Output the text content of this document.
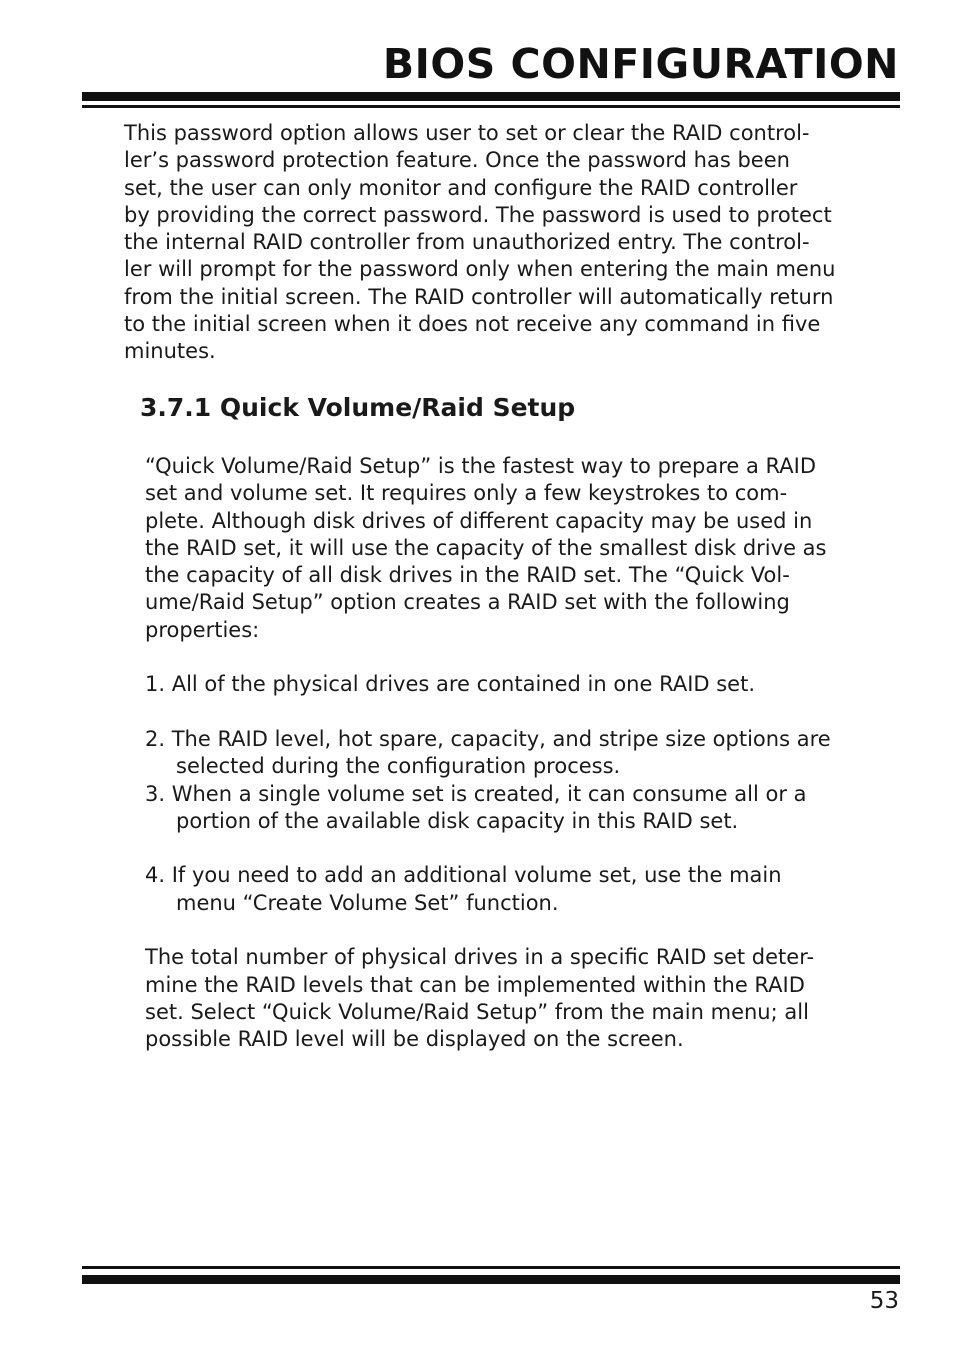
BIOS CONFIGURATION

This password option allows user to set or clear the RAID control-
ler’s password protection feature. Once the password has been
set, the user can only monitor and configure the RAID controller
by providing the correct password. The password is used to protect
the internal RAID controller from unauthorized entry. The control-
ler will prompt for the password only when entering the main menu
from the initial screen. The RAID controller will automatically return
to the initial screen when it does not receive any command in five
minutes.

3.7.1 Quick Volume/Raid Setup

“Quick Volume/Raid Setup” is the fastest way to prepare a RAID
set and volume set. It requires only a few keystrokes to com-
plete. Although disk drives of different capacity may be used in
the RAID set, it will use the capacity of the smallest disk drive as
the capacity of all disk drives in the RAID set. The “Quick Vol-
ume/Raid Setup” option creates a RAID set with the following
properties:

1. All of the physical drives are contained in one RAID set.

2. The RAID level, hot spare, capacity, and stripe size options are
selected during the configuration process.

3. When a single volume set is created, it can consume all or a
portion of the available disk capacity in this RAID set.

4. If you need to add an additional volume set, use the main
menu “Create Volume Set” function.

The total number of physical drives in a specific RAID set deter-
mine the RAID levels that can be implemented within the RAID
set. Select “Quick Volume/Raid Setup” from the main menu; all
possible RAID level will be displayed on the screen.

53
